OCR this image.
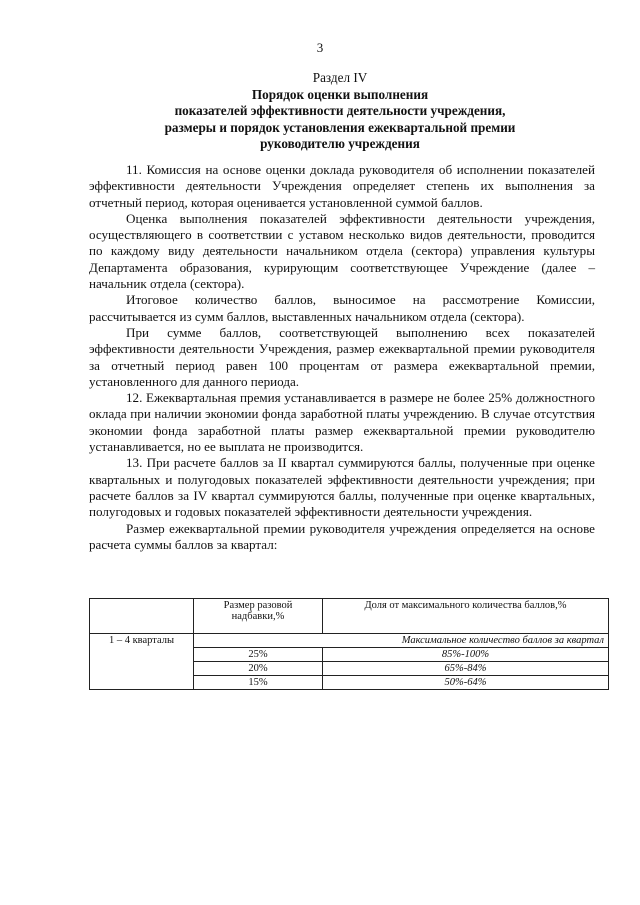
3
Раздел IV
Порядок оценки выполнения
показателей эффективности деятельности учреждения,
размеры и порядок установления ежеквартальной премии
руководителю учреждения

11. Комиссия на основе оценки доклада руководителя об исполнении показателей эффективности деятельности Учреждения определяет степень их выполнения за отчетный период, которая оценивается установленной суммой баллов.

Оценка выполнения показателей эффективности деятельности учреждения, осуществляющего в соответствии с уставом несколько видов деятельности, проводится по каждому виду деятельности начальником отдела (сектора) управления культуры Департамента образования, курирующим соответствующее Учреждение (далее – начальник отдела (сектора).

Итоговое количество баллов, выносимое на рассмотрение Комиссии, рассчитывается из сумм баллов, выставленных начальником отдела (сектора).

При сумме баллов, соответствующей выполнению всех показателей эффективности деятельности Учреждения, размер ежеквартальной премии руководителя за отчетный период равен 100 процентам от размера ежеквартальной премии, установленного для данного периода.

12. Ежеквартальная премия устанавливается в размере не более 25% должностного оклада при наличии экономии фонда заработной платы учреждению. В случае отсутствия экономии фонда заработной платы размер ежеквартальной премии руководителю устанавливается, но ее выплата не производится.

13. При расчете баллов за II квартал суммируются баллы, полученные при оценке квартальных и полугодовых показателей эффективности деятельности учреждения; при расчете баллов за IV квартал суммируются баллы, полученные при оценке квартальных, полугодовых и годовых показателей эффективности деятельности учреждения.

Размер ежеквартальной премии руководителя учреждения определяется на основе расчета суммы баллов за квартал:

	Размер разовой надбавки,%	Доля от максимального количества баллов,%
1 – 4 кварталы	Максимальное количество баллов за квартал	
	25%	85%-100%
	20%	65%-84%
	15%	50%-64%
